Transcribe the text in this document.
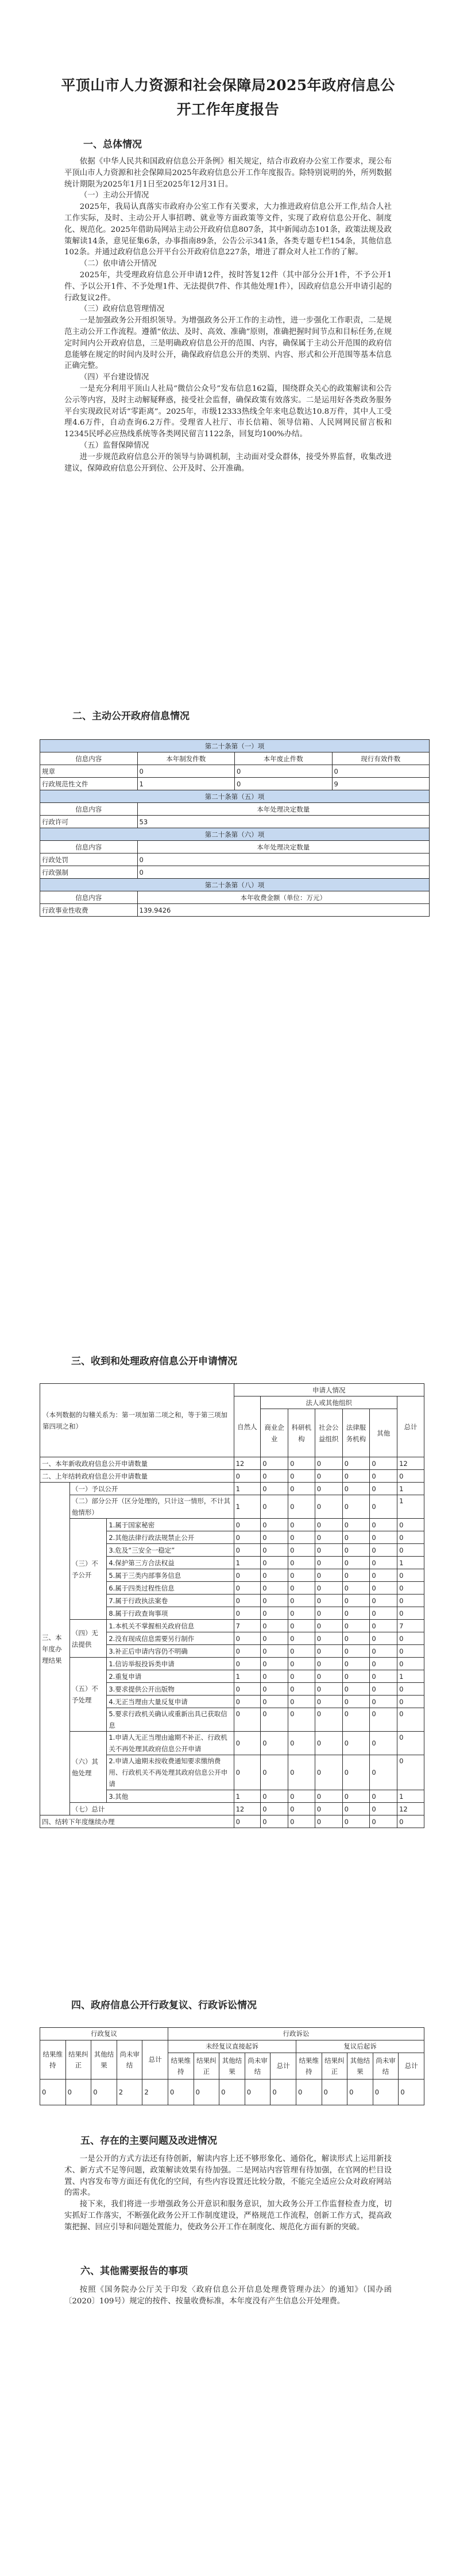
平顶山市人力资源和社会保障局2025年政府信息公
开工作年度报告
一、总体情况

依据《中华人民共和国政府信息公开条例》相关规定，结合市政府办公室工作要求，现公布平顶山市人力资源和社会保障局2025年政府信息公开工作年度报告。除特别说明的外，所列数据统计期限为2025年1月1日至2025年12月31日。

（一）主动公开情况

2025年，我局认真落实市政府办公室工作有关要求，大力推进政府信息公开工作,结合人社工作实际，及时、主动公开人事招聘、就业等方面政策等文件，实现了政府信息公开化、制度化、规范化。2025年借助局网站主动公开政府信息807条，其中新闻动态101条，政策法规及政策解读14条，意见征集6条，办事指南89条，公告公示341条，各类专题专栏154条，其他信息102条。并通过政府信息公开平台公开政府信息227条，增进了群众对人社工作的了解。

（二）依申请公开情况

2025年，共受理政府信息公开申请12件，按时答复12件（其中部分公开1件，不予公开1件、予以公开1件、不予处理1件、无法提供7件、作其他处理1件），因政府信息公开申请引起的行政复议2件。

（三）政府信息管理情况

一是加强政务公开组织领导。为增强政务公开工作的主动性，进一步强化工作职责，二是规范主动公开工作流程。遵循“依法、及时、高效、准确”原则，准确把握时间节点和目标任务,在规定时间内公开政府信息，三是明确政府信息公开的范围、内容，确保属于主动公开范围的政府信息能够在规定的时间内及时公开，确保政府信息公开的类别、内容、形式和公开范围等基本信息正确完整。

（四）平台建设情况

一是充分利用平顶山人社局“微信公众号”发布信息162篇，围绕群众关心的政策解读和公告公示等内容，及时主动解疑释惑，接受社会监督，确保政策有效落实。二是运用好各类政务服务平台实现政民对话“零距离”。2025年，市级12333热线全年来电总数达10.8万件，其中人工受理4.6万件，自动查询6.2万件。受理省人社厅、市长信箱、领导信箱、人民网网民留言板和12345民呼必应热线系统等各类网民留言1122条，回复均100%办结。

（五）监督保障情况

进一步规范政府信息公开的领导与协调机制，主动面对受众群体，接受外界监督，收集改进建议，保障政府信息公开到位、公开及时、公开准确。

二、主动公开政府信息情况
第二十条第（一）项			
信息内容	本年制发件数	本年废止件数	现行有效件数
规章	0	0	0
行政规范性文件	1	0	9
第二十条第（五）项			
信息内容	本年处理决定数量		
行政许可	53		
第二十条第（六）项			
信息内容	本年处理决定数量		
行政处罚	0		
行政强制	0		
第二十条第（八）项			
信息内容	本年收费金额（单位：万元）		
行政事业性收费	139.9426		
三、收到和处理政府信息公开申请情况
（本列数据的勾稽关系为：第一项加第二项之和，等于第三项加第四项之和）			申请人情况						
			自然人	法人或其他组织					总计
				商业企业	科研机构	社会公益组织	法律服务机构	其他	
一、本年新收政府信息公开申请数量			12	0	0	0	0	0	12
二、上年结转政府信息公开申请数量			0	0	0	0	0	0	0
三、本年度办理结果	（一）予以公开		1	0	0	0	0	0	1
	（二）部分公开（区分处理的，只计这一情形，不计其他情形）		1	0	0	0	0	0	1
	（三）不予公开	1.属于国家秘密	0	0	0	0	0	0	0
		2.其他法律行政法规禁止公开	0	0	0	0	0	0	0
		3.危及“三安全一稳定”	0	0	0	0	0	0	0
		4.保护第三方合法权益	1	0	0	0	0	0	1
		5.属于三类内部事务信息	0	0	0	0	0	0	0
		6.属于四类过程性信息	0	0	0	0	0	0	0
		7.属于行政执法案卷	0	0	0	0	0	0	0
		8.属于行政查询事项	0	0	0	0	0	0	0
	（四）无法提供	1.本机关不掌握相关政府信息	7	0	0	0	0	0	7
		2.没有现成信息需要另行制作	0	0	0	0	0	0	0
		3.补正后申请内容仍不明确	0	0	0	0	0	0	0
	（五）不予处理	1.信访举报投诉类申请	0	0	0	0	0	0	0
		2.重复申请	1	0	0	0	0	0	1
		3.要求提供公开出版物	0	0	0	0	0	0	0
		4.无正当理由大量反复申请	0	0	0	0	0	0	0
		5.要求行政机关确认或重新出具已获取信息	0	0	0	0	0	0	0
	（六）其他处理	1.申请人无正当理由逾期不补正、行政机关不再处理其政府信息公开申请	0	0	0	0	0	0	0
		2.申请人逾期未按收费通知要求缴纳费用、行政机关不再处理其政府信息公开申请	0	0	0	0	0	0	0
		3.其他	1	0	0	0	0	0	1
	（七）总计		12	0	0	0	0	0	12
四、结转下年度继续办理			0	0	0	0	0	0	0
四、政府信息公开行政复议、行政诉讼情况
行政复议					行政诉讼									
结果维持	结果纠正	其他结果	尚未审结	总计	未经复议直接起诉					复议后起诉				
					结果维持	结果纠正	其他结果	尚未审结	总计	结果维持	结果纠正	其他结果	尚未审结	总计
0	0	0	2	2	0	0	0	0	0	0	0	0	0	0
五、存在的主要问题及改进情况

一是公开的方式方法还有待创新，解读内容上还不够形象化、通俗化，解读形式上运用新技术、新方式不足等问题，政策解读效果有待加强。二是网站内容管理有待加强，在官网的栏目设置、内容发布等方面还有优化的空间，有些内容设置还比较分散，不能完全适应公众对政府网站的需求。

接下来，我们将进一步增强政务公开意识和服务意识，加大政务公开工作监督检查力度，切实抓好工作落实，不断强化政务公开工作制度建设，严格规范工作流程，创新工作方式，提高政策把握、回应引导和问题处置能力，使政务公开工作在制度化、规范化方面有新的突破。

六、其他需要报告的事项

按照《国务院办公厅关于印发〈政府信息公开信息处理费管理办法〉的通知》（国办函〔2020〕109号）规定的按件、按量收费标准，本年度没有产生信息公开处理费。
